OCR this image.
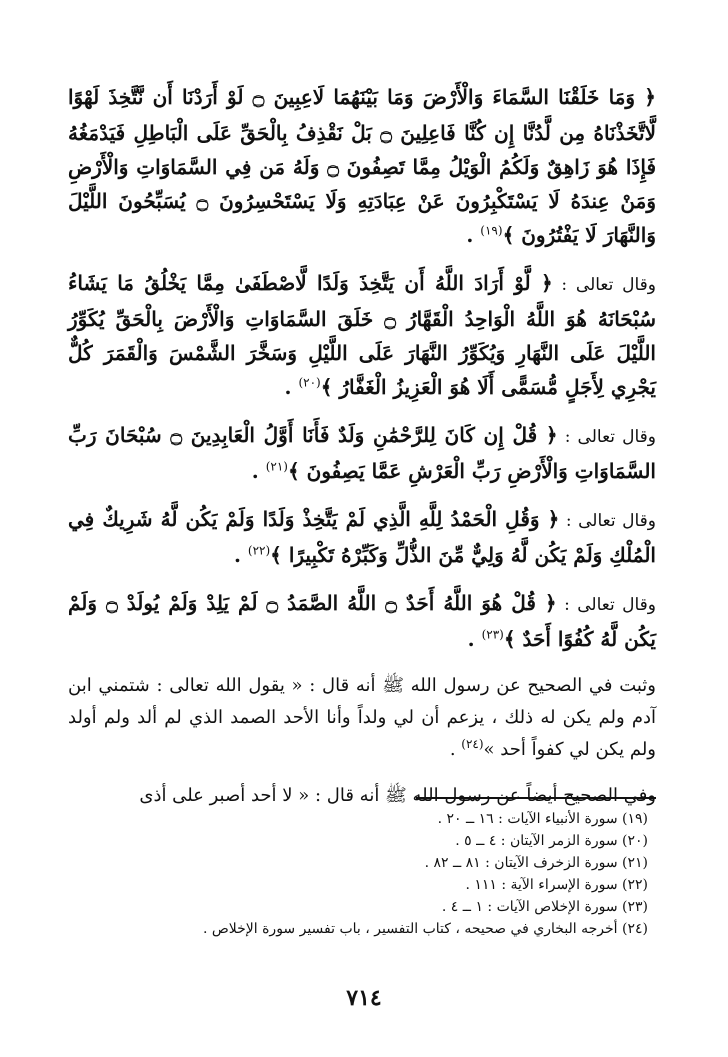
﴿ وَمَا خَلَقْنَا السَّمَاءَ وَالْأَرْضَ وَمَا بَيْنَهُمَا لَاعِبِينَ ۝ لَوْ أَرَدْنَا أَن نَّتَّخِذَ لَهْوًا لَّاتَّخَذْنَاهُ مِن لَّدُنَّا إِن كُنَّا فَاعِلِينَ ۝ بَلْ نَقْذِفُ بِالْحَقِّ عَلَى الْبَاطِلِ فَيَدْمَغُهُ فَإِذَا هُوَ زَاهِقٌ وَلَكُمُ الْوَيْلُ مِمَّا تَصِفُونَ ۝ وَلَهُ مَن فِي السَّمَاوَاتِ وَالْأَرْضِ وَمَنْ عِندَهُ لَا يَسْتَكْبِرُونَ عَنْ عِبَادَتِهِ وَلَا يَسْتَحْسِرُونَ ۝ يُسَبِّحُونَ اللَّيْلَ وَالنَّهَارَ لَا يَفْتُرُونَ ﴾$^{(١٩)}$ .

وقال تعالى : ﴿ لَّوْ أَرَادَ اللَّهُ أَن يَتَّخِذَ وَلَدًا لَّاصْطَفَىٰ مِمَّا يَخْلُقُ مَا يَشَاءُ سُبْحَانَهُ هُوَ اللَّهُ الْوَاحِدُ الْقَهَّارُ ۝ خَلَقَ السَّمَاوَاتِ وَالْأَرْضَ بِالْحَقِّ يُكَوِّرُ اللَّيْلَ عَلَى النَّهَارِ وَيُكَوِّرُ النَّهَارَ عَلَى اللَّيْلِ وَسَخَّرَ الشَّمْسَ وَالْقَمَرَ كُلٌّ يَجْرِي لِأَجَلٍ مُّسَمًّى أَلَا هُوَ الْعَزِيزُ الْغَفَّارُ ﴾$^{(٢٠)}$ .

وقال تعالى : ﴿ قُلْ إِن كَانَ لِلرَّحْمَٰنِ وَلَدٌ فَأَنَا أَوَّلُ الْعَابِدِينَ ۝ سُبْحَانَ رَبِّ السَّمَاوَاتِ وَالْأَرْضِ رَبِّ الْعَرْشِ عَمَّا يَصِفُونَ ﴾$^{(٢١)}$ .

وقال تعالى : ﴿ وَقُلِ الْحَمْدُ لِلَّهِ الَّذِي لَمْ يَتَّخِذْ وَلَدًا وَلَمْ يَكُن لَّهُ شَرِيكٌ فِي الْمُلْكِ وَلَمْ يَكُن لَّهُ وَلِيٌّ مِّنَ الذُّلِّ وَكَبِّرْهُ تَكْبِيرًا ﴾$^{(٢٢)}$ .

وقال تعالى : ﴿ قُلْ هُوَ اللَّهُ أَحَدٌ ۝ اللَّهُ الصَّمَدُ ۝ لَمْ يَلِدْ وَلَمْ يُولَدْ ۝ وَلَمْ يَكُن لَّهُ كُفُوًا أَحَدٌ ﴾$^{(٢٣)}$ .

وثبت في الصحيح عن رسول الله ﷺ أنه قال : « يقول الله تعالى : شتمني ابن آدم ولم يكن له ذلك ، يزعم أن لي ولداً وأنا الأحد الصمد الذي لم ألد ولم أولد ولم يكن لي كفواً أحد »$^{(٢٤)}$ .

وفي الصحيح أيضاً عن رسول الله ﷺ أنه قال : « لا أحد أصبر على أذى

(١٩) سورة الأنبياء الآيات : ١٦ ــ ٢٠ .

(٢٠) سورة الزمر الآيتان : ٤ ــ ٥ .

(٢١) سورة الزخرف الآيتان : ٨١ ــ ٨٢ .

(٢٢) سورة الإسراء الآية : ١١١ .

(٢٣) سورة الإخلاص الآيات : ١ ــ ٤ .

(٢٤) أخرجه البخاري في صحيحه ، كتاب التفسير ، باب تفسير سورة الإخلاص .

٧١٤
